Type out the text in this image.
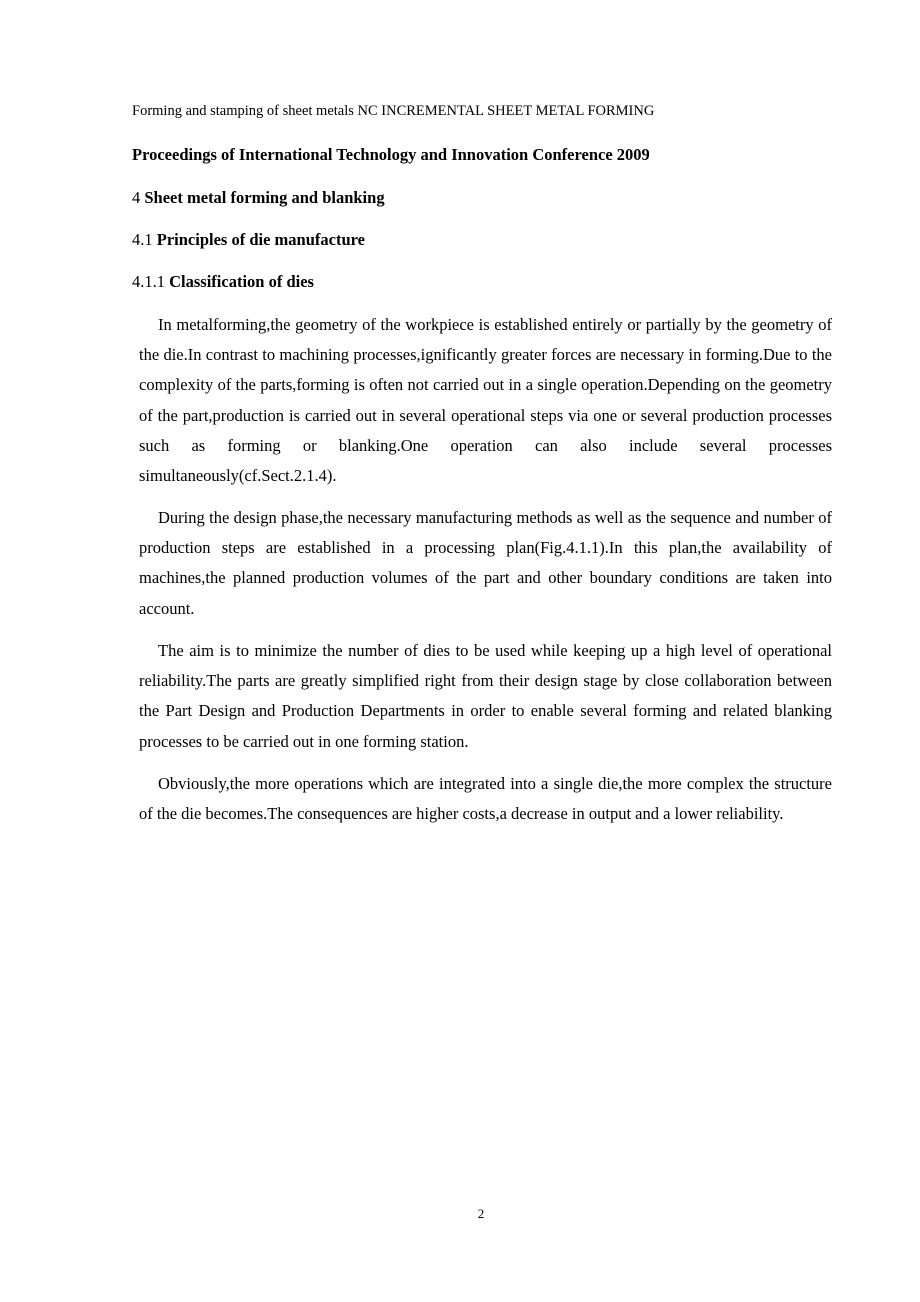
Forming and stamping of sheet metals NC INCREMENTAL SHEET METAL FORMING
Proceedings of International Technology and Innovation Conference 2009
4 Sheet metal forming and blanking
4.1 Principles of die manufacture
4.1.1 Classification of dies

In metalforming,the geometry of the workpiece is established entirely or partially by the geometry of the die.In contrast to machining processes,ignificantly greater forces are necessary in forming.Due to the complexity of the parts,forming is often not carried out in a single operation.Depending on the geometry of the part,production is carried out in several operational steps via one or several production processes such as forming or blanking.One operation can also include several processes simultaneously(cf.Sect.2.1.4).

During the design phase,the necessary manufacturing methods as well as the sequence and number of production steps are established in a processing plan(Fig.4.1.1).In this plan,the availability of machines,the planned production volumes of the part and other boundary conditions are taken into account.

The aim is to minimize the number of dies to be used while keeping up a high level of operational reliability.The parts are greatly simplified right from their design stage by close collaboration between the Part Design and Production Departments in order to enable several forming and related blanking processes to be carried out in one forming station.

Obviously,the more operations which are integrated into a single die,the more complex the structure of the die becomes.The consequences are higher costs,a decrease in output and a lower reliability.

2
